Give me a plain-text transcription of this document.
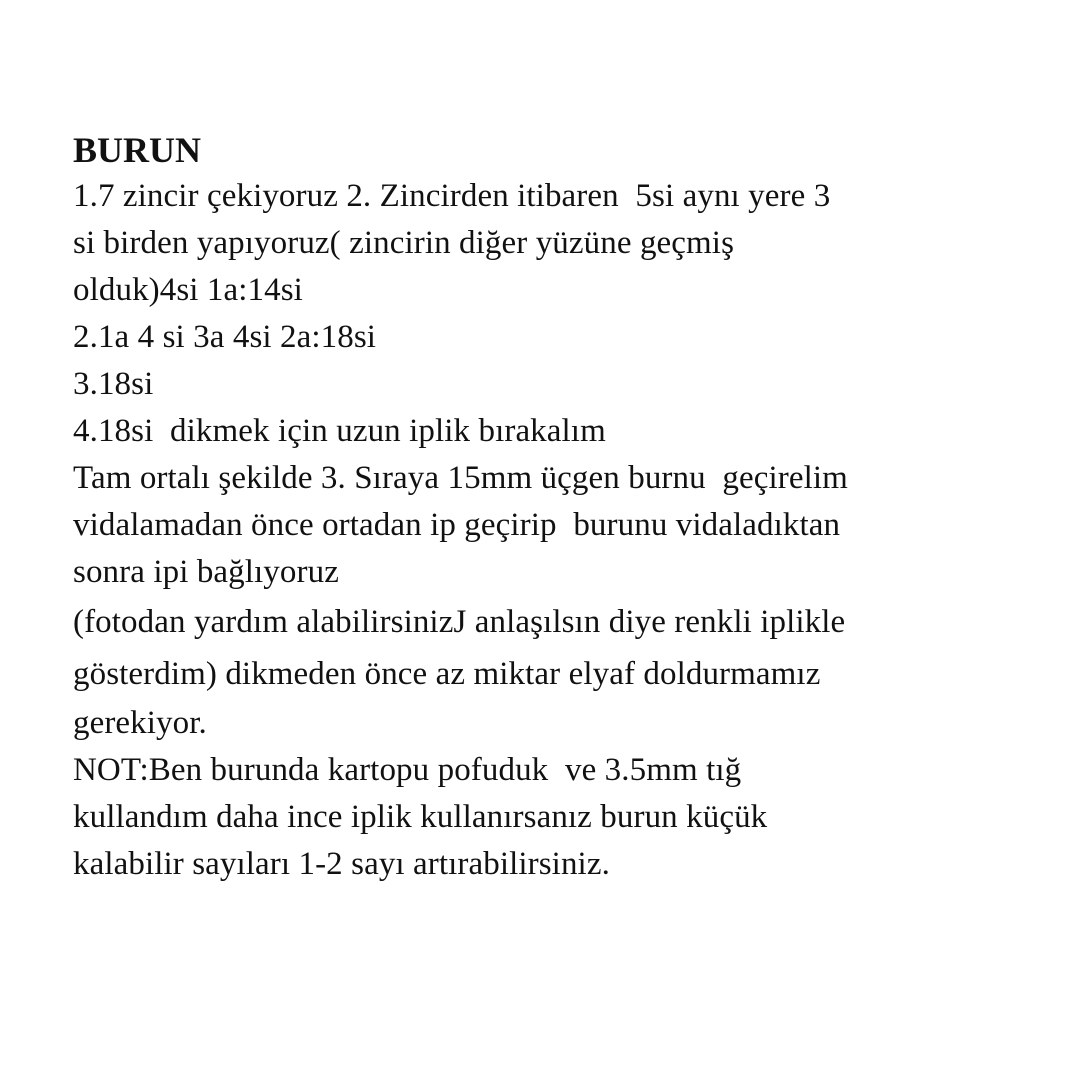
BURUN
1.7 zincir çekiyoruz 2. Zincirden itibaren  5si aynı yere 3
si birden yapıyoruz( zincirin diğer yüzüne geçmiş
olduk)4si 1a:14si
2.1a 4 si 3a 4si 2a:18si
3.18si
4.18si  dikmek için uzun iplik bırakalım
Tam ortalı şekilde 3. Sıraya 15mm üçgen burnu  geçirelim
vidalamadan önce ortadan ip geçirip  burunu vidaladıktan
sonra ipi bağlıyoruz
(fotodan yardım alabilirsinizJ anlaşılsın diye renkli iplikle
gösterdim) dikmeden önce az miktar elyaf doldurmamız
gerekiyor.
NOT:Ben burunda kartopu pofuduk  ve 3.5mm tığ
kullandım daha ince iplik kullanırsanız burun küçük
kalabilir sayıları 1-2 sayı artırabilirsiniz.
